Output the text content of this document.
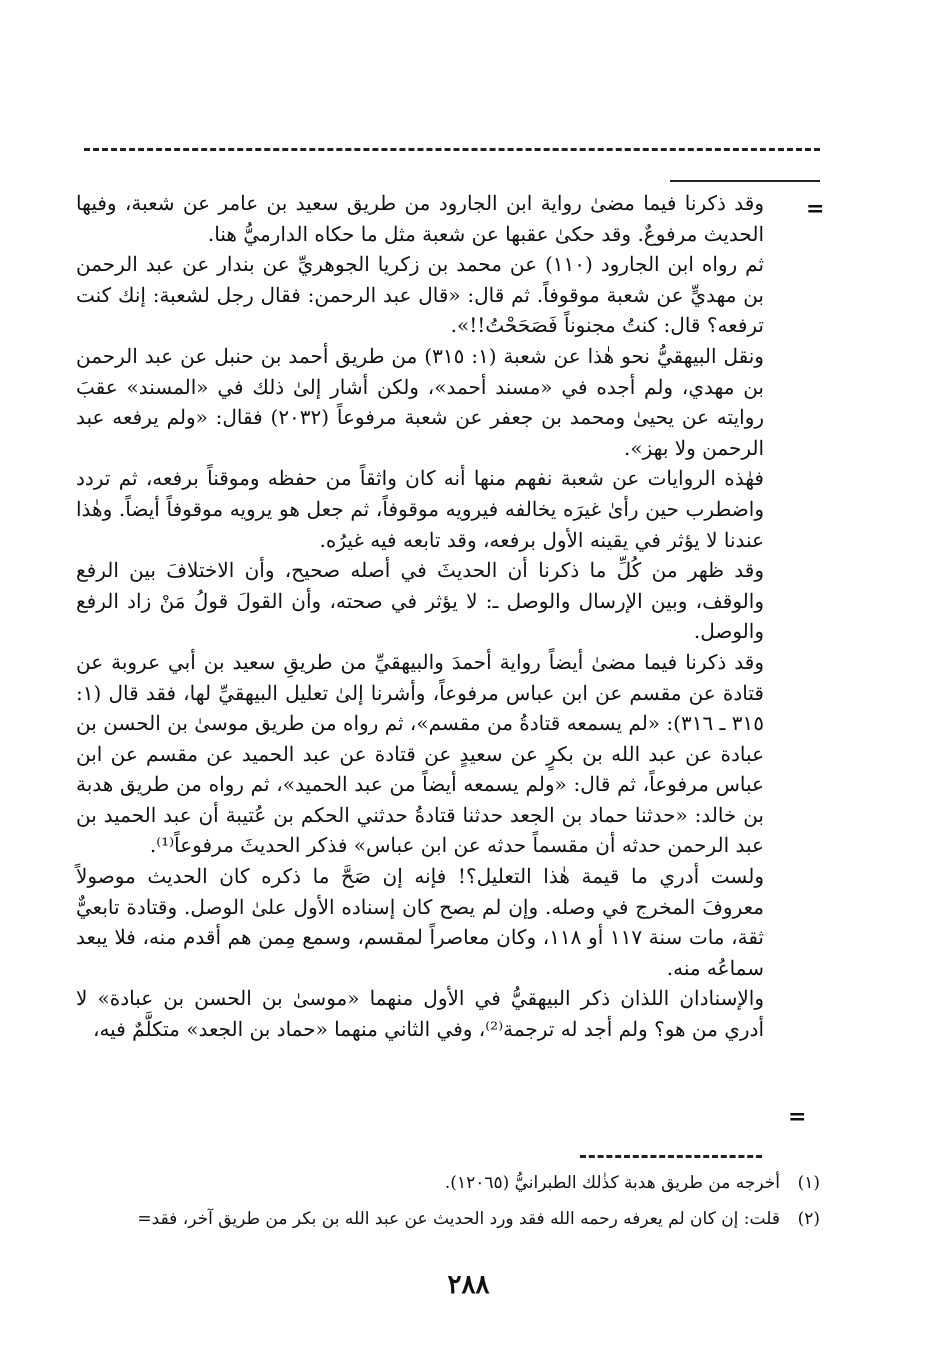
=

وقد ذكرنا فيما مضىٰ رواية ابن الجارود من طريق سعيد بن عامر عن شعبة، وفيها الحديث مرفوعٌ. وقد حكىٰ عقبها عن شعبة مثل ما حكاه الدارميُّ هنا.

ثم رواه ابن الجارود (١١٠) عن محمد بن زكريا الجوهريِّ عن بندار عن عبد الرحمن بن مهديٍّ عن شعبة موقوفاً. ثم قال: «قال عبد الرحمن: فقال رجل لشعبة: إنك كنت ترفعه؟ قال: كنتُ مجنوناً فَصَحَحْتُ!!».

ونقل البيهقيُّ نحو هٰذا عن شعبة (١: ٣١٥) من طريق أحمد بن حنبل عن عبد الرحمن بن مهدي، ولم أجده في «مسند أحمد»، ولكن أشار إلىٰ ذلك في «المسند» عقبَ روايته عن يحيىٰ ومحمد بن جعفر عن شعبة مرفوعاً (٢٠٣٢) فقال: «ولم يرفعه عبد الرحمن ولا بهز».

فهٰذه الروايات عن شعبة نفهم منها أنه كان واثقاً من حفظه وموقناً برفعه، ثم تردد واضطرب حين رأىٰ غيرَه يخالفه فيرويه موقوفاً، ثم جعل هو يرويه موقوفاً أيضاً. وهٰذا عندنا لا يؤثر في يقينه الأول برفعه، وقد تابعه فيه غيرُه.

وقد ظهر من كُلِّ ما ذكرنا أن الحديثَ في أصله صحيح، وأن الاختلافَ بين الرفع والوقف، وبين الإرسال والوصل ـ: لا يؤثر في صحته، وأن القولَ قولُ مَنْ زاد الرفع والوصل.

وقد ذكرنا فيما مضىٰ أيضاً رواية أحمدَ والبيهقيِّ من طريقِ سعيد بن أبي عروبة عن قتادة عن مقسم عن ابن عباس مرفوعاً، وأشرنا إلىٰ تعليل البيهقيِّ لها، فقد قال (١: ٣١٥ ـ ٣١٦): «لم يسمعه قتادةُ من مقسم»، ثم رواه من طريق موسىٰ بن الحسن بن عبادة عن عبد الله بن بكرٍ عن سعيدٍ عن قتادة عن عبد الحميد عن مقسم عن ابن عباس مرفوعاً، ثم قال: «ولم يسمعه أيضاً من عبد الحميد»، ثم رواه من طريق هدبة بن خالد: «حدثنا حماد بن الجعد حدثنا قتادةُ حدثني الحكم بن عُتيبة أن عبد الحميد بن عبد الرحمن حدثه أن مقسماً حدثه عن ابن عباس» فذكر الحديثَ مرفوعاً⁽¹⁾.

ولست أدري ما قيمة هٰذا التعليل؟! فإنه إن صَحَّ ما ذكره كان الحديث موصولاً معروفَ المخرج في وصله. وإن لم يصح كان إسناده الأول علىٰ الوصل. وقتادة تابعيٌّ ثقة، مات سنة ١١٧ أو ١١٨، وكان معاصراً لمقسم، وسمع مِمن هم أقدم منه، فلا يبعد سماعُه منه.

والإسنادان اللذان ذكر البيهقيُّ في الأول منهما «موسىٰ بن الحسن بن عبادة» لا أدري من هو؟ ولم أجد له ترجمة⁽²⁾، وفي الثاني منهما «حماد بن الجعد» متكلَّمٌ فيه،

=
(١)
أخرجه من طريق هدبة كذٰلك الطبرانيُّ (١٢٠٦٥).
(٢)
قلت: إن كان لم يعرفه رحمه الله فقد ورد الحديث عن عبد الله بن بكر من طريق آخر، فقد=
٢٨٨
